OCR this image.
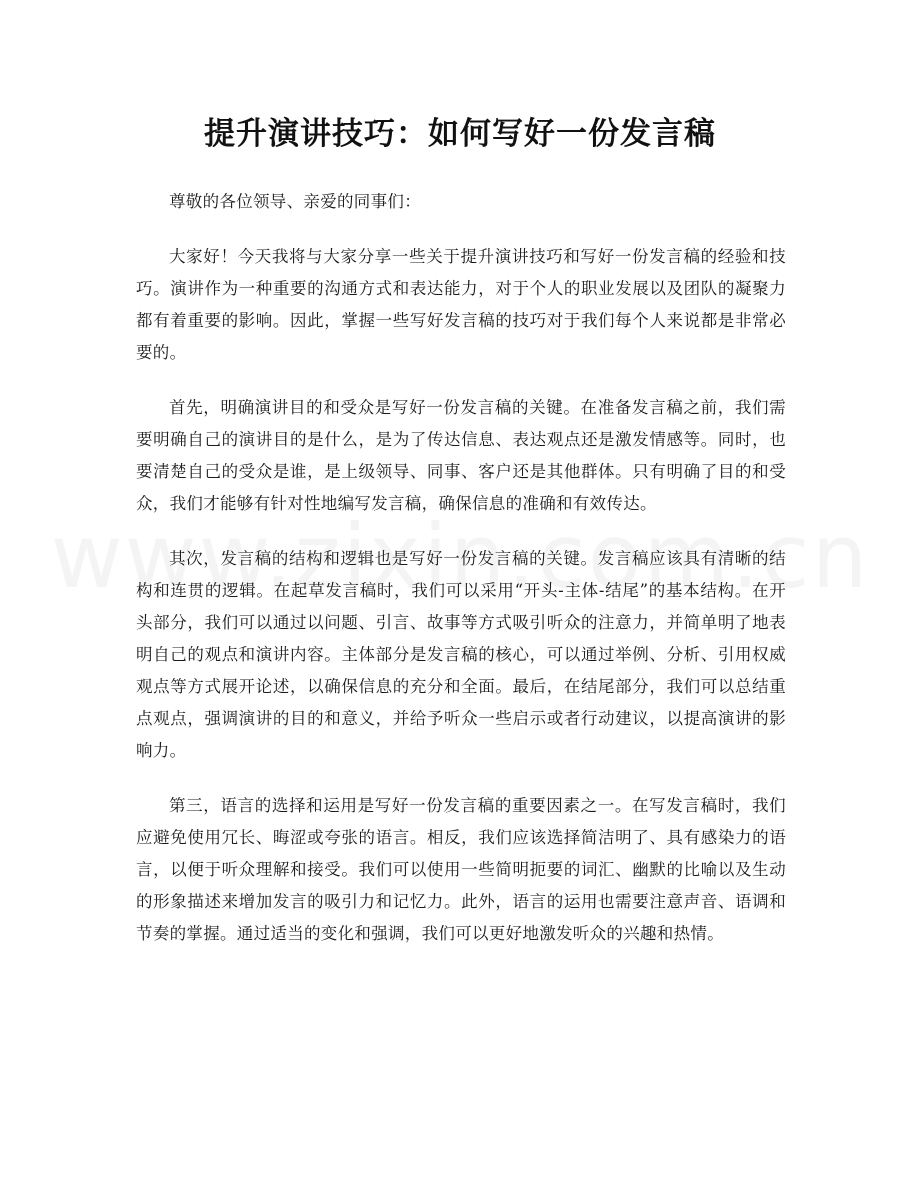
提升演讲技巧：如何写好一份发言稿

尊敬的各位领导、亲爱的同事们：

大家好！今天我将与大家分享一些关于提升演讲技巧和写好一份发言稿的经验和技巧。演讲作为一种重要的沟通方式和表达能力，对于个人的职业发展以及团队的凝聚力都有着重要的影响。因此，掌握一些写好发言稿的技巧对于我们每个人来说都是非常必要的。

首先，明确演讲目的和受众是写好一份发言稿的关键。在准备发言稿之前，我们需要明确自己的演讲目的是什么，是为了传达信息、表达观点还是激发情感等。同时，也要清楚自己的受众是谁，是上级领导、同事、客户还是其他群体。只有明确了目的和受众，我们才能够有针对性地编写发言稿，确保信息的准确和有效传达。

其次，发言稿的结构和逻辑也是写好一份发言稿的关键。发言稿应该具有清晰的结构和连贯的逻辑。在起草发言稿时，我们可以采用“开头-主体-结尾”的基本结构。在开头部分，我们可以通过以问题、引言、故事等方式吸引听众的注意力，并简单明了地表明自己的观点和演讲内容。主体部分是发言稿的核心，可以通过举例、分析、引用权威观点等方式展开论述，以确保信息的充分和全面。最后，在结尾部分，我们可以总结重点观点，强调演讲的目的和意义，并给予听众一些启示或者行动建议，以提高演讲的影响力。

第三，语言的选择和运用是写好一份发言稿的重要因素之一。在写发言稿时，我们应避免使用冗长、晦涩或夸张的语言。相反，我们应该选择简洁明了、具有感染力的语言，以便于听众理解和接受。我们可以使用一些简明扼要的词汇、幽默的比喻以及生动的形象描述来增加发言的吸引力和记忆力。此外，语言的运用也需要注意声音、语调和节奏的掌握。通过适当的变化和强调，我们可以更好地激发听众的兴趣和热情。
